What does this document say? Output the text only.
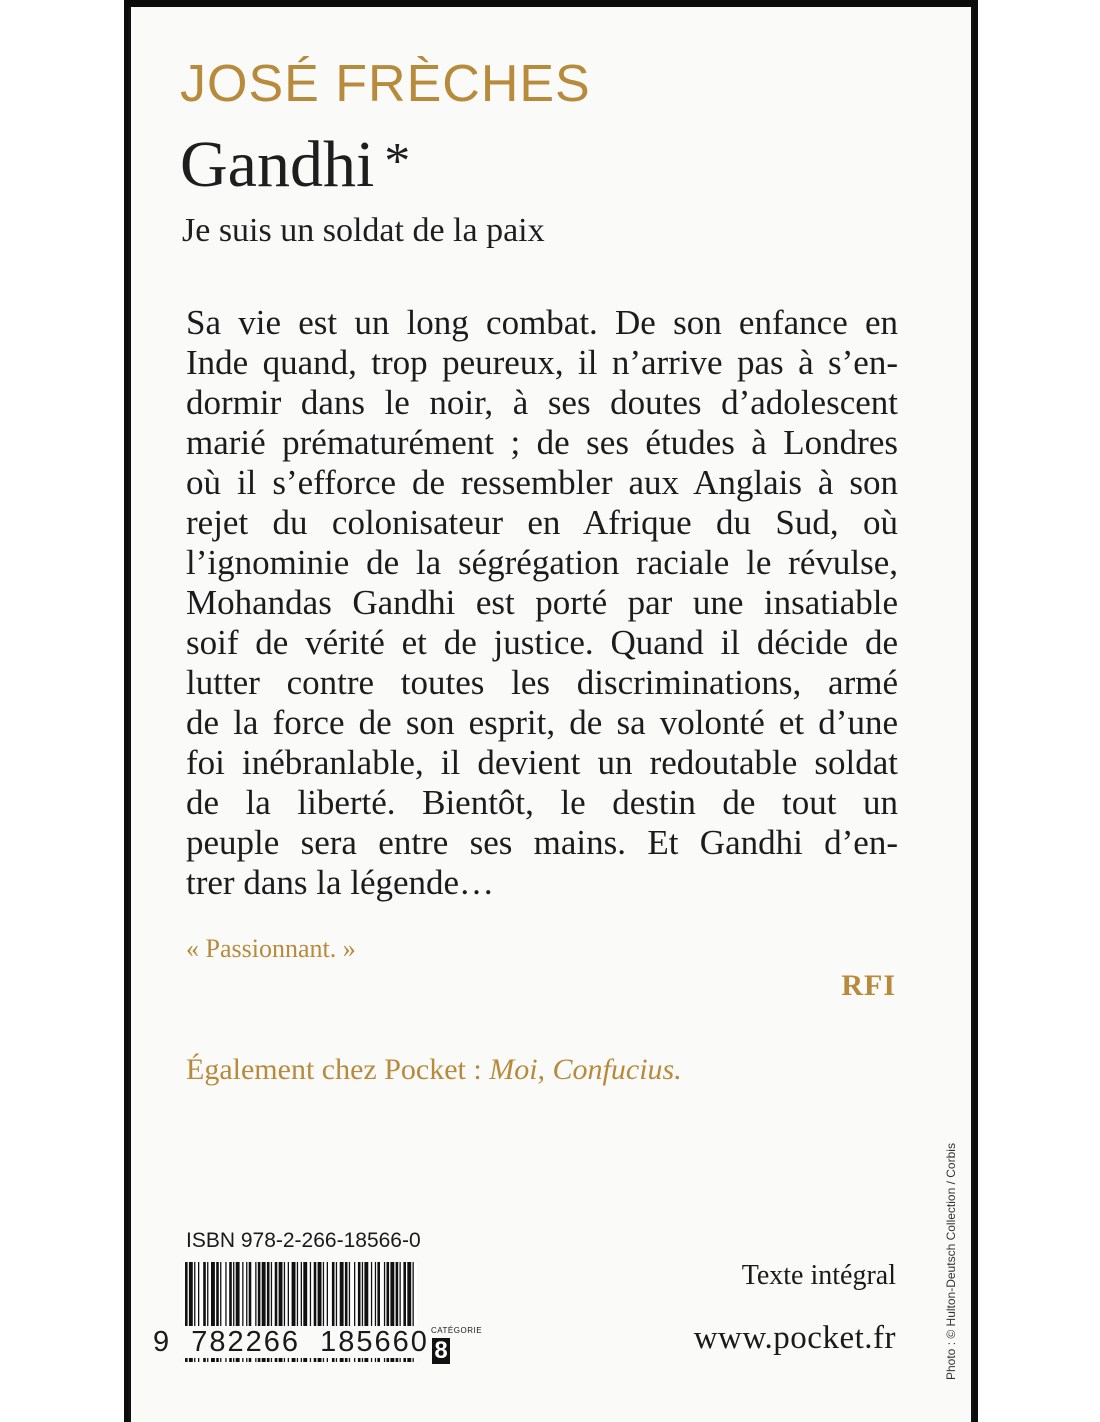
JOSÉ FRÈCHES
Gandhi *
Je suis un soldat de la paix
Sa vie est un long combat. De son enfance en
Inde quand, trop peureux, il n’arrive pas à s’en-
dormir dans le noir, à ses doutes d’adolescent
marié prématurément ; de ses études à Londres
où il s’efforce de ressembler aux Anglais à son
rejet du colonisateur en Afrique du Sud, où
l’ignominie de la ségrégation raciale le révulse,
Mohandas Gandhi est porté par une insatiable
soif de vérité et de justice. Quand il décide de
lutter contre toutes les discriminations, armé
de la force de son esprit, de sa volonté et d’une
foi inébranlable, il devient un redoutable soldat
de la liberté. Bientôt, le destin de tout un
peuple sera entre ses mains. Et Gandhi d’en-
trer dans la légende…

« Passionnant. »

RFI

Également chez Pocket : Moi, Confucius.

ISBN 978-2-266-18566-0

9  782266  185660 CATÉGORIE

8

Texte intégral

www.pocket.fr	Photo : © Hulton-Deutsch Collection / Corbis
